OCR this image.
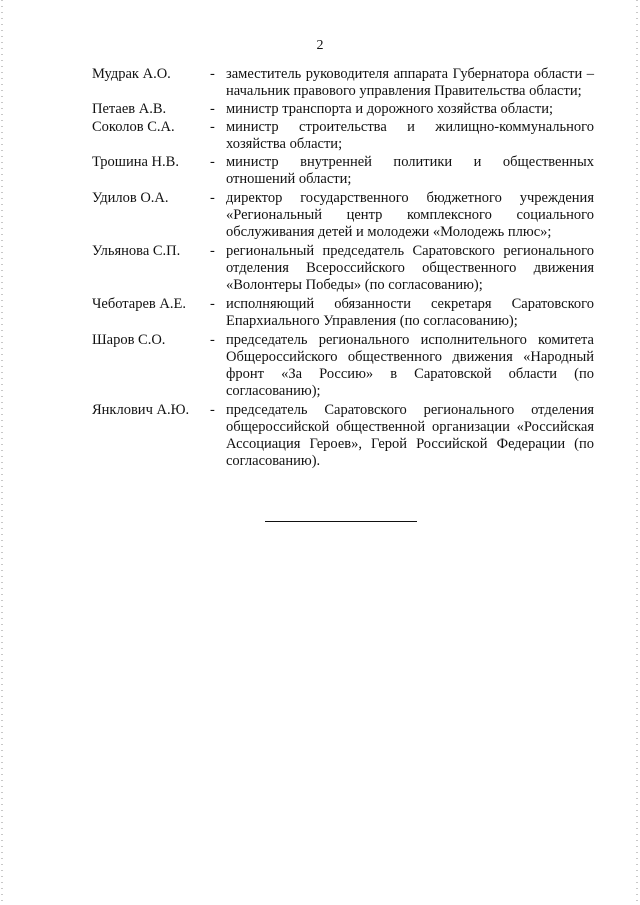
2
Мудрак А.О.	- заместитель руководителя аппарата Губернатора области – начальник правового управления Правительства области;
Петаев А.В.	- министр транспорта и дорожного хозяйства области;
Соколов С.А.	- министр строительства и жилищно-коммунального хозяйства области;
Трошина Н.В.	- министр внутренней политики и общественных отношений области;
Удилов О.А.	- директор государственного бюджетного учреждения «Региональный центр комплексного социального обслуживания детей и молодежи «Молодежь плюс»;
Ульянова С.П.	- региональный председатель Саратовского регионального отделения Всероссийского общественного движения «Волонтеры Победы» (по согласованию);
Чеботарев А.Е.	- исполняющий обязанности секретаря Саратовского Епархиального Управления (по согласованию);
Шаров С.О.	- председатель регионального исполнительного комитета Общероссийского общественного движения «Народный фронт «За Россию» в Саратовской области (по согласованию);
Янклович А.Ю.	- председатель Саратовского регионального отделения общероссийской общественной организации «Российская Ассоциация Героев», Герой Российской Федерации (по согласованию).
